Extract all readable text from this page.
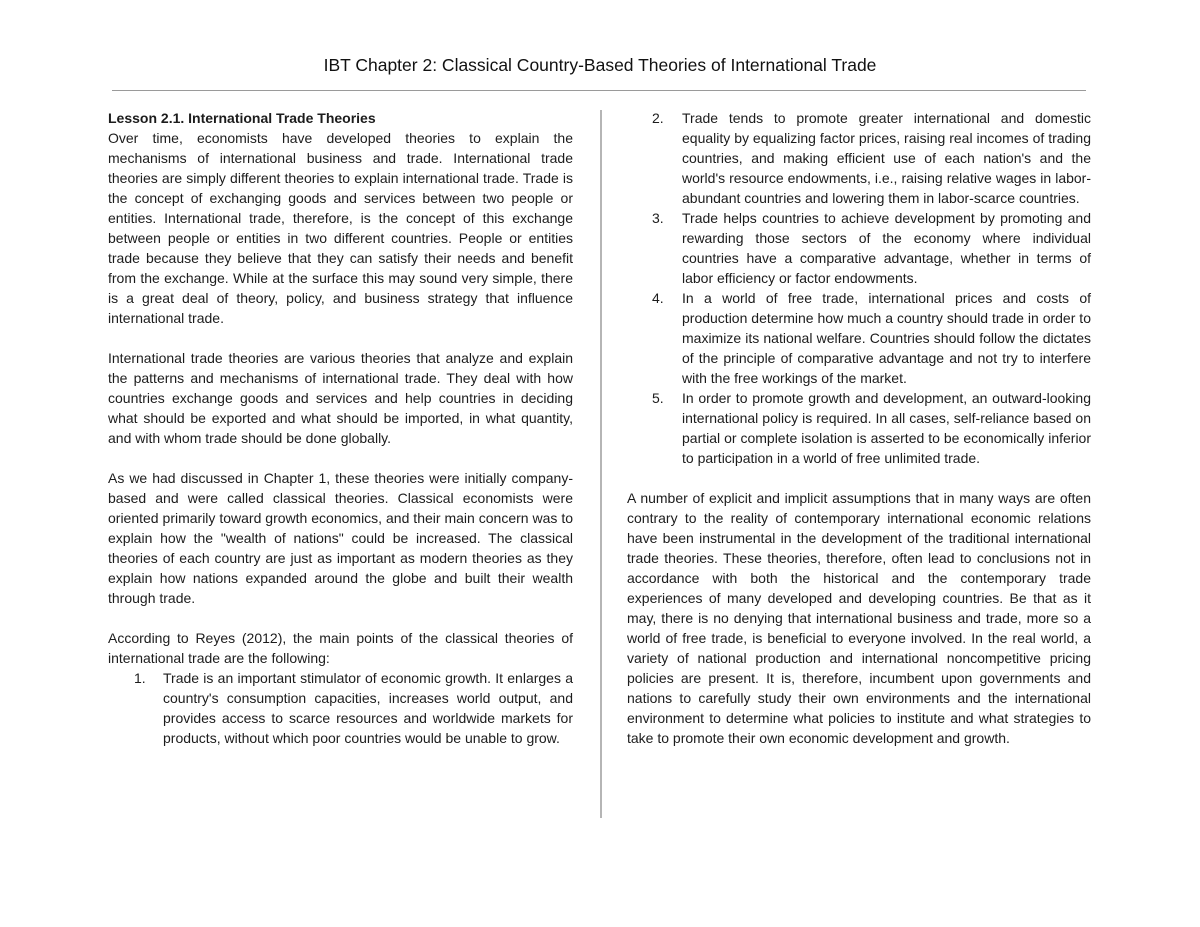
IBT Chapter 2: Classical Country-Based Theories of International Trade

Lesson 2.1. International Trade Theories
Over time, economists have developed theories to explain the mechanisms of international business and trade. International trade theories are simply different theories to explain international trade. Trade is the concept of exchanging goods and services between two people or entities. International trade, therefore, is the concept of this exchange between people or entities in two different countries. People or entities trade because they believe that they can satisfy their needs and benefit from the exchange. While at the surface this may sound very simple, there is a great deal of theory, policy, and business strategy that influence international trade.

International trade theories are various theories that analyze and explain the patterns and mechanisms of international trade. They deal with how countries exchange goods and services and help countries in deciding what should be exported and what should be imported, in what quantity, and with whom trade should be done globally.

As we had discussed in Chapter 1, these theories were initially company-based and were called classical theories. Classical economists were oriented primarily toward growth economics, and their main concern was to explain how the "wealth of nations" could be increased. The classical theories of each country are just as important as modern theories as they explain how nations expanded around the globe and built their wealth through trade.

According to Reyes (2012), the main points of the classical theories of international trade are the following:

1. Trade is an important stimulator of economic growth. It enlarges a country's consumption capacities, increases world output, and provides access to scarce resources and worldwide markets for products, without which poor countries would be unable to grow.
2. Trade tends to promote greater international and domestic equality by equalizing factor prices, raising real incomes of trading countries, and making efficient use of each nation's and the world's resource endowments, i.e., raising relative wages in labor-abundant countries and lowering them in labor-scarce countries.
3. Trade helps countries to achieve development by promoting and rewarding those sectors of the economy where individual countries have a comparative advantage, whether in terms of labor efficiency or factor endowments.
4. In a world of free trade, international prices and costs of production determine how much a country should trade in order to maximize its national welfare. Countries should follow the dictates of the principle of comparative advantage and not try to interfere with the free workings of the market.
5. In order to promote growth and development, an outward-looking international policy is required. In all cases, self-reliance based on partial or complete isolation is asserted to be economically inferior to participation in a world of free unlimited trade.

A number of explicit and implicit assumptions that in many ways are often contrary to the reality of contemporary international economic relations have been instrumental in the development of the traditional international trade theories. These theories, therefore, often lead to conclusions not in accordance with both the historical and the contemporary trade experiences of many developed and developing countries. Be that as it may, there is no denying that international business and trade, more so a world of free trade, is beneficial to everyone involved. In the real world, a variety of national production and international noncompetitive pricing policies are present. It is, therefore, incumbent upon governments and nations to carefully study their own environments and the international environment to determine what policies to institute and what strategies to take to promote their own economic development and growth.
